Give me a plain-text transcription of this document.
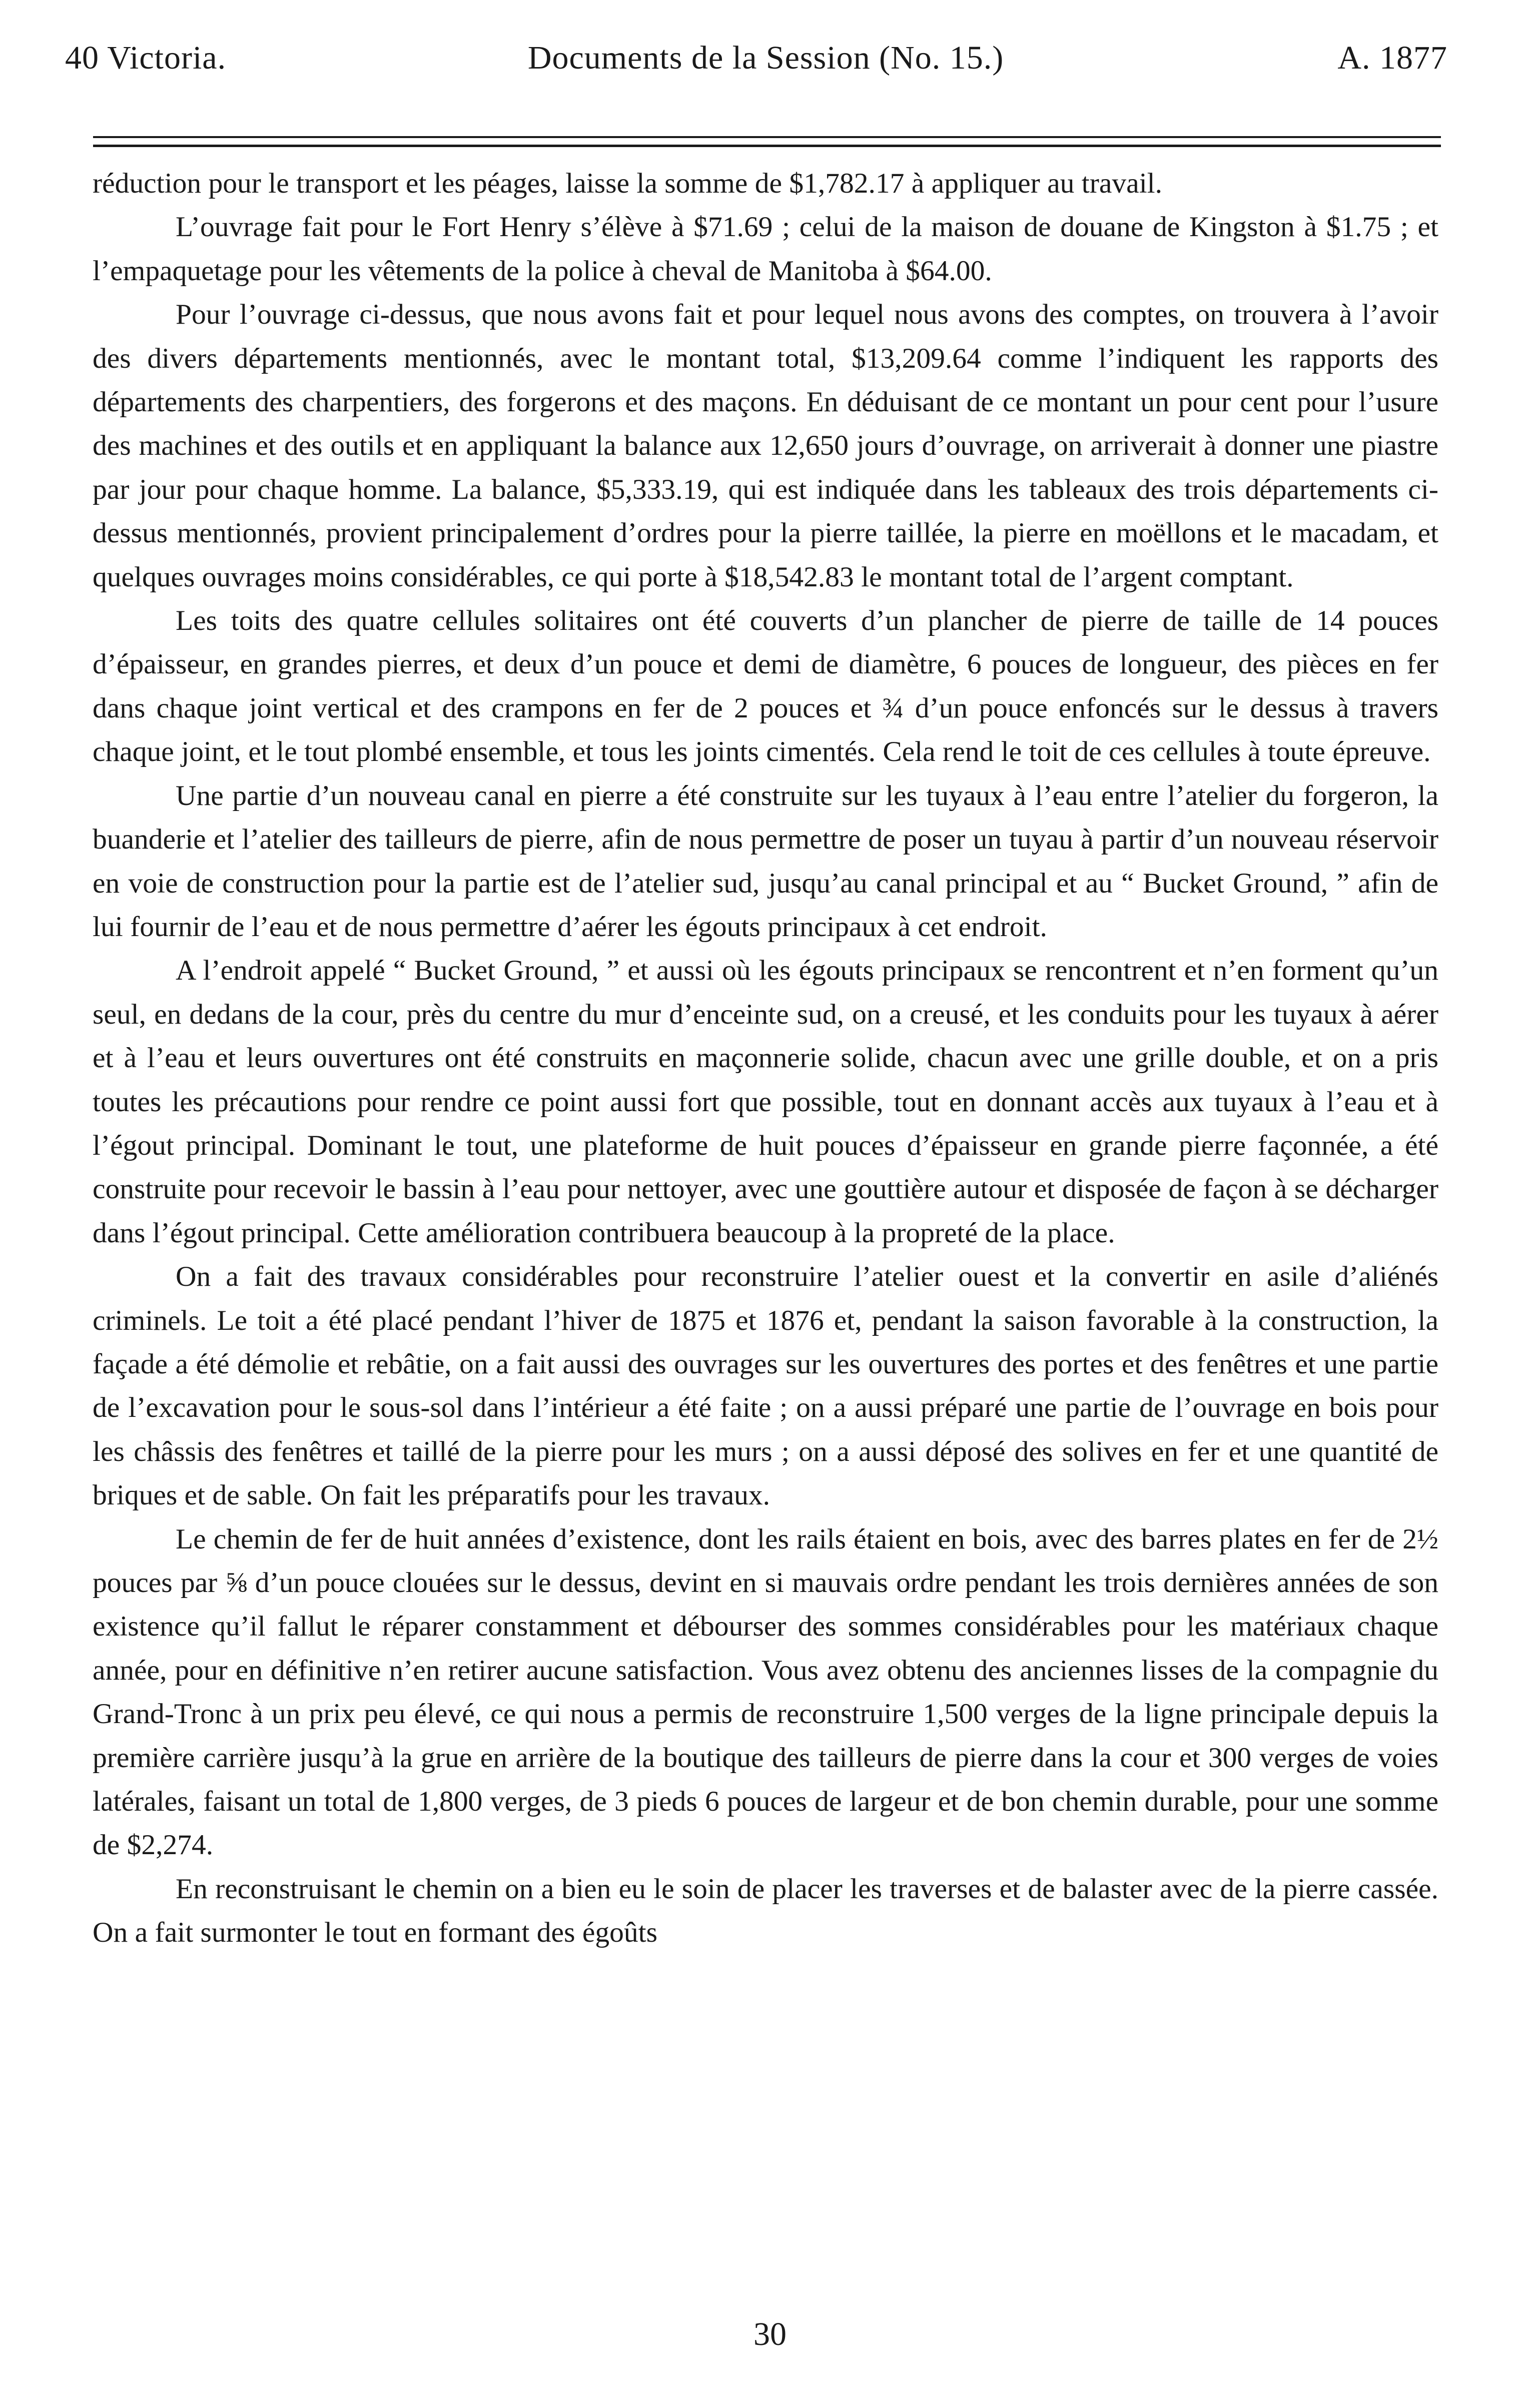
40 Victoria.	Documents de la Session (No. 15.)	A. 1877

réduction pour le transport et les péages, laisse la somme de $1,782.17 à appliquer au travail.

L’ouvrage fait pour le Fort Henry s’élève à $71.69 ; celui de la maison de douane de Kingston à $1.75 ; et l’empaquetage pour les vêtements de la police à cheval de Manitoba à $64.00.

Pour l’ouvrage ci-dessus, que nous avons fait et pour lequel nous avons des comptes, on trouvera à l’avoir des divers départements mentionnés, avec le montant total, $13,209.64 comme l’indiquent les rapports des départements des charpentiers, des forgerons et des maçons. En déduisant de ce montant un pour cent pour l’usure des machines et des outils et en appliquant la balance aux 12,650 jours d’ouvrage, on arriverait à donner une piastre par jour pour chaque homme. La balance, $5,333.19, qui est indiquée dans les tableaux des trois départements ci-dessus mentionnés, provient principalement d’ordres pour la pierre taillée, la pierre en moëllons et le macadam, et quelques ouvrages moins considérables, ce qui porte à $18,542.83 le montant total de l’argent comptant.

Les toits des quatre cellules solitaires ont été couverts d’un plancher de pierre de taille de 14 pouces d’épaisseur, en grandes pierres, et deux d’un pouce et demi de diamètre, 6 pouces de longueur, des pièces en fer dans chaque joint vertical et des crampons en fer de 2 pouces et ¾ d’un pouce enfoncés sur le dessus à travers chaque joint, et le tout plombé ensemble, et tous les joints cimentés. Cela rend le toit de ces cellules à toute épreuve.

Une partie d’un nouveau canal en pierre a été construite sur les tuyaux à l’eau entre l’atelier du forgeron, la buanderie et l’atelier des tailleurs de pierre, afin de nous permettre de poser un tuyau à partir d’un nouveau réservoir en voie de construction pour la partie est de l’atelier sud, jusqu’au canal principal et au “ Bucket Ground, ” afin de lui fournir de l’eau et de nous permettre d’aérer les égouts principaux à cet endroit.

A l’endroit appelé “ Bucket Ground, ” et aussi où les égouts principaux se rencontrent et n’en forment qu’un seul, en dedans de la cour, près du centre du mur d’enceinte sud, on a creusé, et les conduits pour les tuyaux à aérer et à l’eau et leurs ouvertures ont été construits en maçonnerie solide, chacun avec une grille double, et on a pris toutes les précautions pour rendre ce point aussi fort que possible, tout en donnant accès aux tuyaux à l’eau et à l’égout principal. Dominant le tout, une plateforme de huit pouces d’épaisseur en grande pierre façonnée, a été construite pour recevoir le bassin à l’eau pour nettoyer, avec une gouttière autour et disposée de façon à se décharger dans l’égout principal. Cette amélioration contribuera beaucoup à la propreté de la place.

On a fait des travaux considérables pour reconstruire l’atelier ouest et la convertir en asile d’aliénés criminels. Le toit a été placé pendant l’hiver de 1875 et 1876 et, pendant la saison favorable à la construction, la façade a été démolie et rebâtie, on a fait aussi des ouvrages sur les ouvertures des portes et des fenêtres et une partie de l’excavation pour le sous-sol dans l’intérieur a été faite ; on a aussi préparé une partie de l’ouvrage en bois pour les châssis des fenêtres et taillé de la pierre pour les murs ; on a aussi déposé des solives en fer et une quantité de briques et de sable. On fait les préparatifs pour les travaux.

Le chemin de fer de huit années d’existence, dont les rails étaient en bois, avec des barres plates en fer de 2½ pouces par ⅝ d’un pouce clouées sur le dessus, devint en si mauvais ordre pendant les trois dernières années de son existence qu’il fallut le réparer constamment et débourser des sommes considérables pour les matériaux chaque année, pour en définitive n’en retirer aucune satisfaction. Vous avez obtenu des anciennes lisses de la compagnie du Grand-Tronc à un prix peu élevé, ce qui nous a permis de reconstruire 1,500 verges de la ligne principale depuis la première carrière jusqu’à la grue en arrière de la boutique des tailleurs de pierre dans la cour et 300 verges de voies latérales, faisant un total de 1,800 verges, de 3 pieds 6 pouces de largeur et de bon chemin durable, pour une somme de $2,274.

En reconstruisant le chemin on a bien eu le soin de placer les traverses et de balaster avec de la pierre cassée. On a fait surmonter le tout en formant des égoûts

30
